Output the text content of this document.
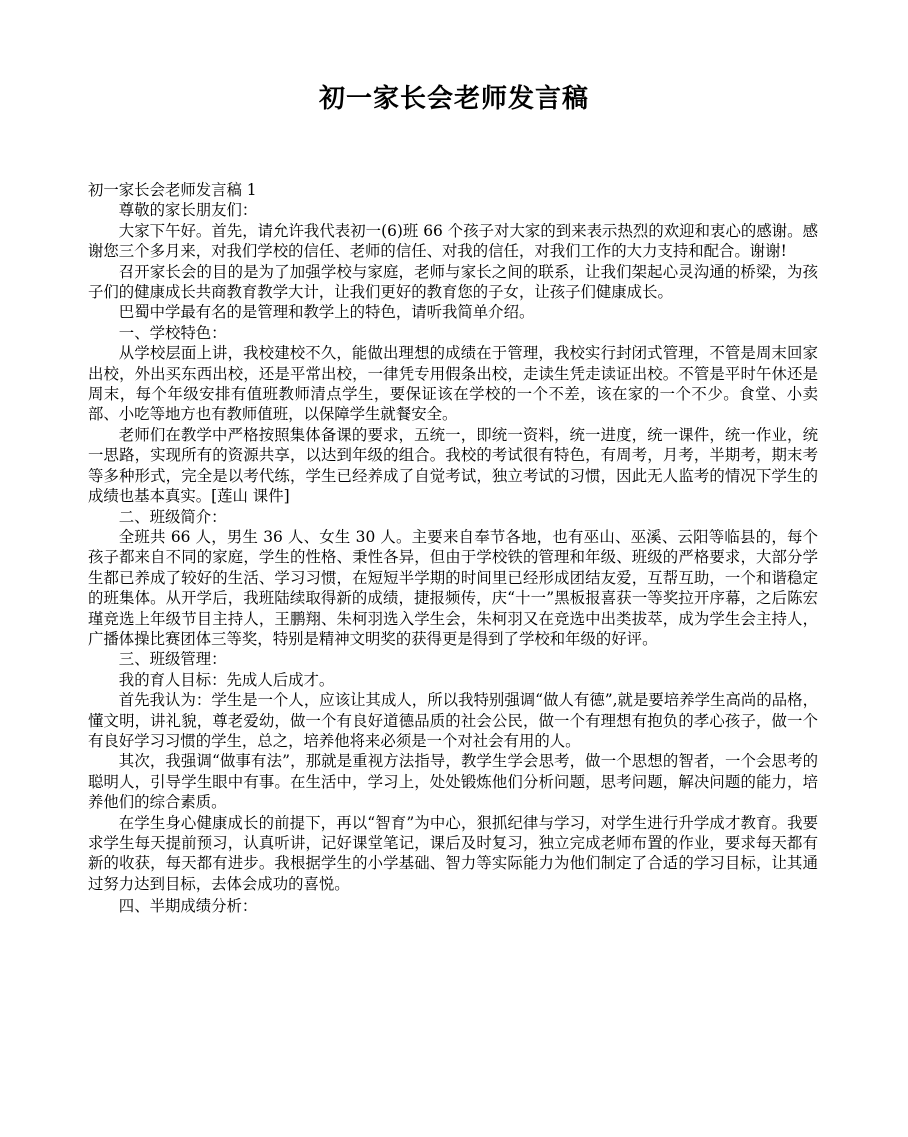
初一家长会老师发言稿

初一家长会老师发言稿 1

尊敬的家长朋友们：

大家下午好。首先，请允许我代表初一(6)班 66 个孩子对大家的到来表示热烈的欢迎和衷心的感谢。感谢您三个多月来，对我们学校的信任、老师的信任、对我的信任，对我们工作的大力支持和配合。谢谢!

召开家长会的目的是为了加强学校与家庭，老师与家长之间的联系，让我们架起心灵沟通的桥梁，为孩子们的健康成长共商教育教学大计，让我们更好的教育您的子女，让孩子们健康成长。

巴蜀中学最有名的是管理和教学上的特色，请听我简单介绍。

一、学校特色：

从学校层面上讲，我校建校不久，能做出理想的成绩在于管理，我校实行封闭式管理，不管是周末回家出校，外出买东西出校，还是平常出校，一律凭专用假条出校，走读生凭走读证出校。不管是平时午休还是周末，每个年级安排有值班教师清点学生，要保证该在学校的一个不差，该在家的一个不少。食堂、小卖部、小吃等地方也有教师值班，以保障学生就餐安全。

老师们在教学中严格按照集体备课的要求，五统一，即统一资料，统一进度，统一课件，统一作业，统一思路，实现所有的资源共享，以达到年级的组合。我校的考试很有特色，有周考，月考，半期考，期末考等多种形式，完全是以考代练，学生已经养成了自觉考试，独立考试的习惯，因此无人监考的情况下学生的成绩也基本真实。[莲山 课件]

二、班级简介：

全班共 66 人，男生 36 人、女生 30 人。主要来自奉节各地，也有巫山、巫溪、云阳等临县的，每个孩子都来自不同的家庭，学生的性格、秉性各异，但由于学校铁的管理和年级、班级的严格要求，大部分学生都已养成了较好的生活、学习习惯，在短短半学期的时间里已经形成团结友爱，互帮互助，一个和谐稳定的班集体。从开学后，我班陆续取得新的成绩，捷报频传，庆“十一”黑板报喜获一等奖拉开序幕，之后陈宏瑾竞选上年级节目主持人，王鹏翔、朱柯羽选入学生会，朱柯羽又在竞选中出类拔萃，成为学生会主持人，广播体操比赛团体三等奖，特别是精神文明奖的获得更是得到了学校和年级的好评。

三、班级管理：

我的育人目标：先成人后成才。

首先我认为：学生是一个人，应该让其成人，所以我特别强调“做人有德”,就是要培养学生高尚的品格，懂文明，讲礼貌，尊老爱幼，做一个有良好道德品质的社会公民，做一个有理想有抱负的孝心孩子，做一个有良好学习习惯的学生，总之，培养他将来必须是一个对社会有用的人。

其次，我强调“做事有法”，那就是重视方法指导，教学生学会思考，做一个思想的智者，一个会思考的聪明人，引导学生眼中有事。在生活中，学习上，处处锻炼他们分析问题，思考问题，解决问题的能力，培养他们的综合素质。

在学生身心健康成长的前提下，再以“智育”为中心，狠抓纪律与学习，对学生进行升学成才教育。我要求学生每天提前预习，认真听讲，记好课堂笔记，课后及时复习，独立完成老师布置的作业，要求每天都有新的收获，每天都有进步。我根据学生的小学基础、智力等实际能力为他们制定了合适的学习目标，让其通过努力达到目标，去体会成功的喜悦。

四、半期成绩分析：
